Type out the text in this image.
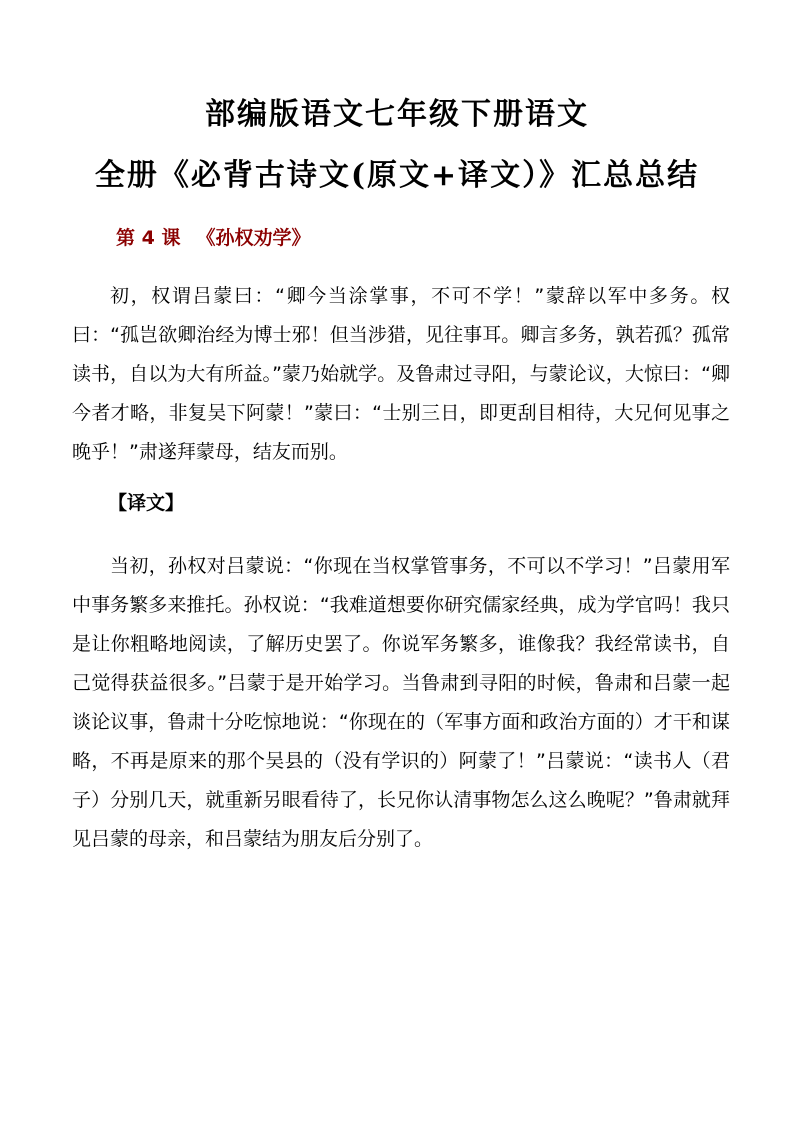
部编版语文七年级下册语文
全册《必背古诗文(原文+译文）》汇总总结
第 4 课 《孙权劝学》

初，权谓吕蒙曰：“卿今当涂掌事，不可不学！”蒙辞以军中多务。权曰：“孤岂欲卿治经为博士邪！但当涉猎，见往事耳。卿言多务，孰若孤？孤常读书，自以为大有所益。”蒙乃始就学。及鲁肃过寻阳，与蒙论议，大惊曰：“卿今者才略，非复吴下阿蒙！”蒙曰：“士别三日，即更刮目相待，大兄何见事之晚乎！”肃遂拜蒙母，结友而别。

【译文】

当初，孙权对吕蒙说：“你现在当权掌管事务，不可以不学习！”吕蒙用军中事务繁多来推托。孙权说：“我难道想要你研究儒家经典，成为学官吗！我只是让你粗略地阅读，了解历史罢了。你说军务繁多，谁像我？我经常读书，自己觉得获益很多。”吕蒙于是开始学习。当鲁肃到寻阳的时候，鲁肃和吕蒙一起谈论议事，鲁肃十分吃惊地说：“你现在的（军事方面和政治方面的）才干和谋略，不再是原来的那个吴县的（没有学识的）阿蒙了！”吕蒙说：“读书人（君子）分别几天，就重新另眼看待了，长兄你认清事物怎么这么晚呢？”鲁肃就拜见吕蒙的母亲，和吕蒙结为朋友后分别了。
